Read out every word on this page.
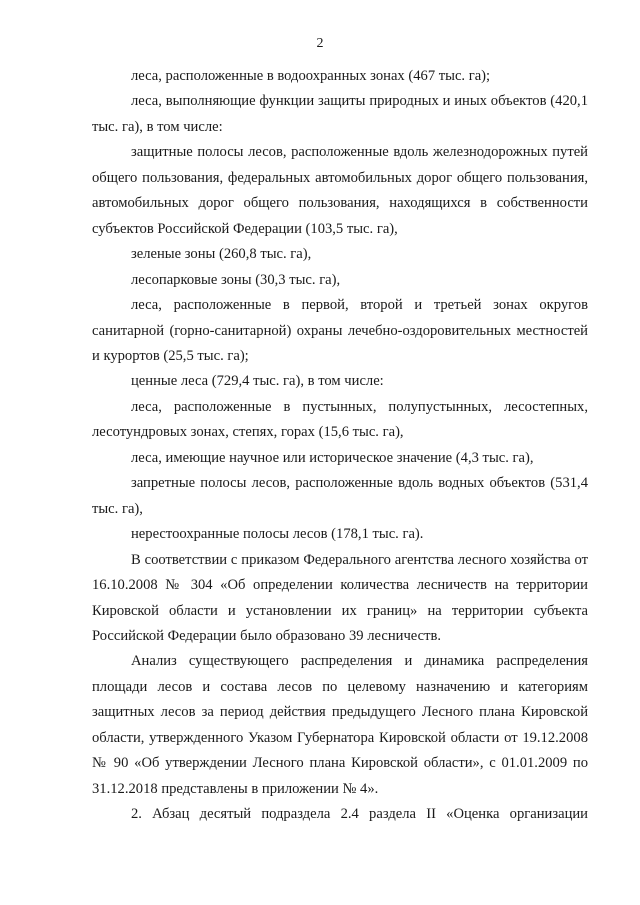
2

леса, расположенные в водоохранных зонах (467 тыс. га);

леса, выполняющие функции защиты природных и иных объектов (420,1 тыс. га), в том числе:

защитные полосы лесов, расположенные вдоль железнодорожных путей общего пользования, федеральных автомобильных дорог общего пользования, автомобильных дорог общего пользования, находящихся в собственности субъектов Российской Федерации (103,5 тыс. га),

зеленые зоны (260,8 тыс. га),

лесопарковые зоны (30,3 тыс. га),

леса, расположенные в первой, второй и третьей зонах округов санитарной (горно-санитарной) охраны лечебно-оздоровительных местностей и курортов (25,5 тыс. га);

ценные леса (729,4 тыс. га), в том числе:

леса, расположенные в пустынных, полупустынных, лесостепных, лесотундровых зонах, степях, горах (15,6 тыс. га),

леса, имеющие научное или историческое значение (4,3 тыс. га),

запретные полосы лесов, расположенные вдоль водных объектов (531,4 тыс. га),

нерестоохранные полосы лесов (178,1 тыс. га).

В соответствии с приказом Федерального агентства лесного хозяйства от 16.10.2008 № 304 «Об определении количества лесничеств на территории Кировской области и установлении их границ» на территории субъекта Российской Федерации было образовано 39 лесничеств.

Анализ существующего распределения и динамика распределения площади лесов и состава лесов по целевому назначению и категориям защитных лесов за период действия предыдущего Лесного плана Кировской области, утвержденного Указом Губернатора Кировской области от 19.12.2008 № 90 «Об утверждении Лесного плана Кировской области», с 01.01.2009 по 31.12.2018 представлены в приложении № 4».

2. Абзац десятый подраздела 2.4 раздела II «Оценка организации
